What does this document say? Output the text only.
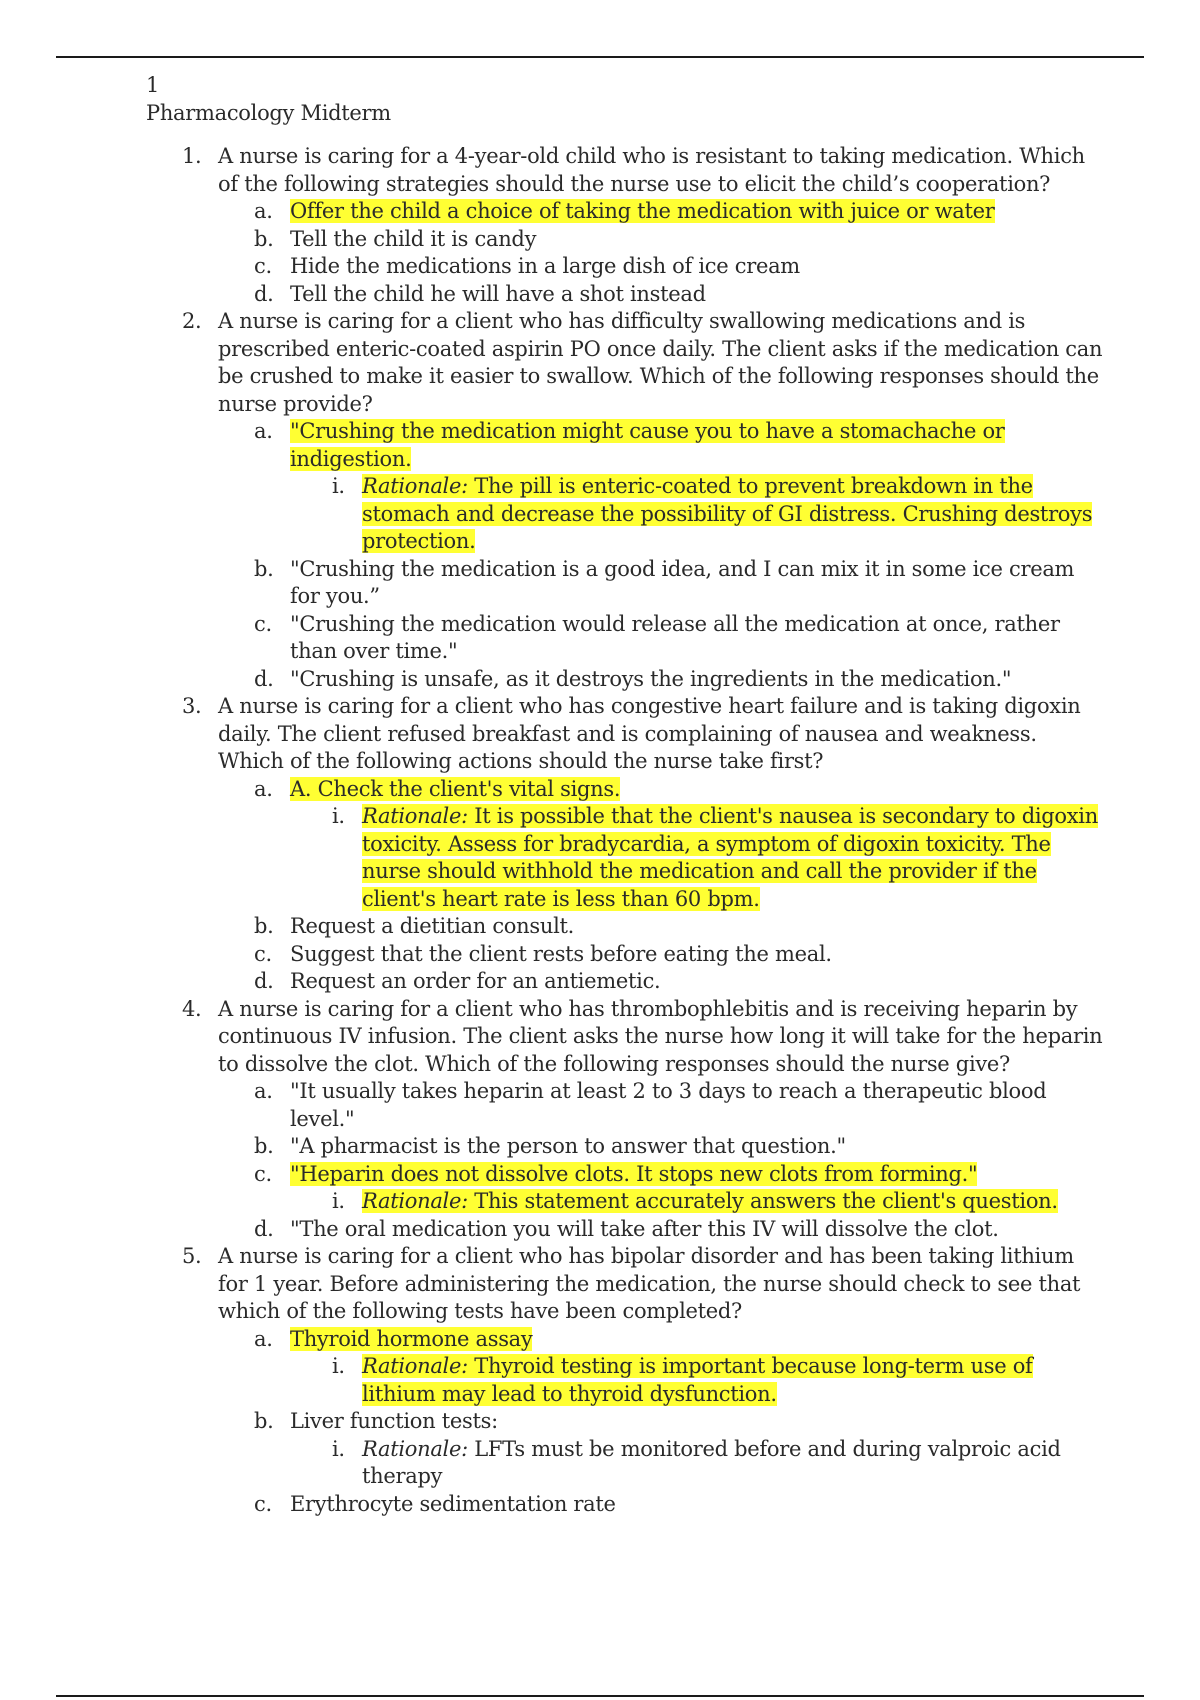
1

Pharmacology Midterm

1. A nurse is caring for a 4-year-old child who is resistant to taking medication. Which of the following strategies should the nurse use to elicit the child’s cooperation?
a. Offer the child a choice of taking the medication with juice or water
b. Tell the child it is candy
c. Hide the medications in a large dish of ice cream
d. Tell the child he will have a shot instead
2. A nurse is caring for a client who has difficulty swallowing medications and is prescribed enteric-coated aspirin PO once daily. The client asks if the medication can be crushed to make it easier to swallow. Which of the following responses should the nurse provide?
a. "Crushing the medication might cause you to have a stomachache or indigestion.
i. Rationale: The pill is enteric-coated to prevent breakdown in the stomach and decrease the possibility of GI distress. Crushing destroys protection.
b. "Crushing the medication is a good idea, and I can mix it in some ice cream for you.”
c. "Crushing the medication would release all the medication at once, rather than over time."
d. "Crushing is unsafe, as it destroys the ingredients in the medication."
3. A nurse is caring for a client who has congestive heart failure and is taking digoxin daily. The client refused breakfast and is complaining of nausea and weakness. Which of the following actions should the nurse take first?
a. A. Check the client's vital signs.
i. Rationale: It is possible that the client's nausea is secondary to digoxin toxicity. Assess for bradycardia, a symptom of digoxin toxicity. The nurse should withhold the medication and call the provider if the client's heart rate is less than 60 bpm.
b. Request a dietitian consult.
c. Suggest that the client rests before eating the meal.
d. Request an order for an antiemetic.
4. A nurse is caring for a client who has thrombophlebitis and is receiving heparin by continuous IV infusion. The client asks the nurse how long it will take for the heparin to dissolve the clot. Which of the following responses should the nurse give?
a. "It usually takes heparin at least 2 to 3 days to reach a therapeutic blood level."
b. "A pharmacist is the person to answer that question."
c. "Heparin does not dissolve clots. It stops new clots from forming."
i. Rationale: This statement accurately answers the client's question.
d. "The oral medication you will take after this IV will dissolve the clot.
5. A nurse is caring for a client who has bipolar disorder and has been taking lithium for 1 year. Before administering the medication, the nurse should check to see that which of the following tests have been completed?
a. Thyroid hormone assay
i. Rationale: Thyroid testing is important because long-term use of lithium may lead to thyroid dysfunction.
b. Liver function tests:
i. Rationale: LFTs must be monitored before and during valproic acid therapy
c. Erythrocyte sedimentation rate
